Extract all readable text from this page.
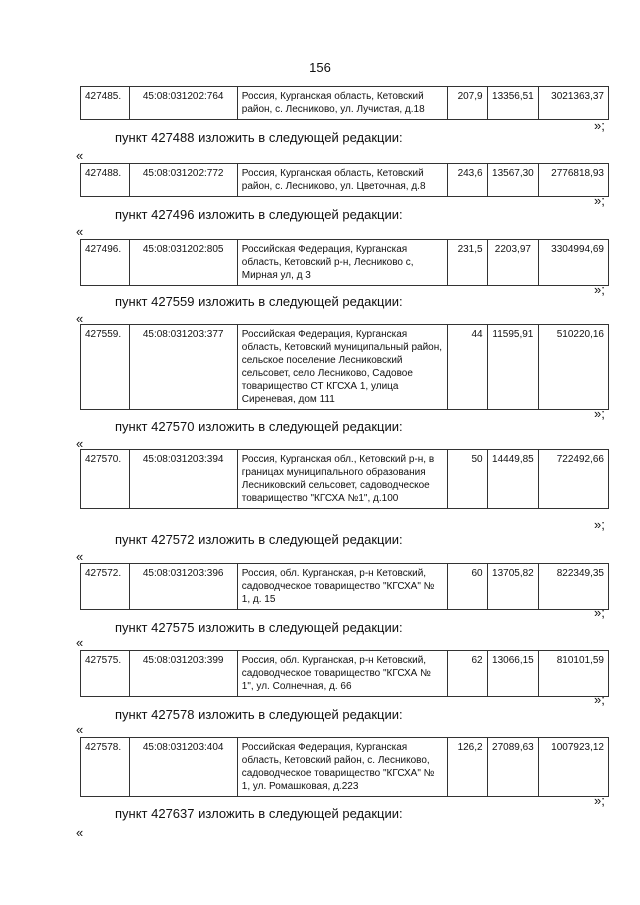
156
427485.	45:08:031202:764	Россия, Курганская область, Кетовский район, с. Лесниково, ул. Лучистая, д.18	207,9	13356,51	3021363,37
427488.	45:08:031202:772	Россия, Курганская область, Кетовский район, с. Лесниково, ул. Цветочная, д.8	243,6	13567,30	2776818,93
427496.	45:08:031202:805	Российская Федерация, Курганская область, Кетовский р-н, Лесниково с, Мирная ул, д 3	231,5	2203,97	3304994,69
427559.	45:08:031203:377	Российская Федерация, Курганская область, Кетовский муниципальный район, сельское поселение Лесниковский сельсовет, село Лесниково, Садовое товарищество СТ КГСХА 1, улица Сиреневая, дом 111	44	11595,91	510220,16
427570.	45:08:031203:394	Россия, Курганская обл., Кетовский р-н, в границах муниципального образования Лесниковский сельсовет, садоводческое товарищество "КГСХА №1", д.100	50	14449,85	722492,66
427572.	45:08:031203:396	Россия, обл. Курганская, р-н Кетовский, садоводческое товарищество "КГСХА" № 1, д. 15	60	13705,82	822349,35
427575.	45:08:031203:399	Россия, обл. Курганская, р-н Кетовский, садоводческое товарищество "КГСХА № 1", ул. Солнечная, д. 66	62	13066,15	810101,59
427578.	45:08:031203:404	Российская Федерация, Курганская область, Кетовский район, с. Лесниково, садоводческое товарищество "КГСХА" № 1, ул. Ромашковая, д.223	126,2	27089,63	1007923,12
»;
»;
»;
»;
»;
»;
»;
»;
пункт 427488 изложить в следующей редакции:
пункт 427496 изложить в следующей редакции:
пункт 427559 изложить в следующей редакции:
пункт 427570 изложить в следующей редакции:
пункт 427572 изложить в следующей редакции:
пункт 427575 изложить в следующей редакции:
пункт 427578 изложить в следующей редакции:
пункт 427637 изложить в следующей редакции:
«
«
«
«
«
«
«
«
